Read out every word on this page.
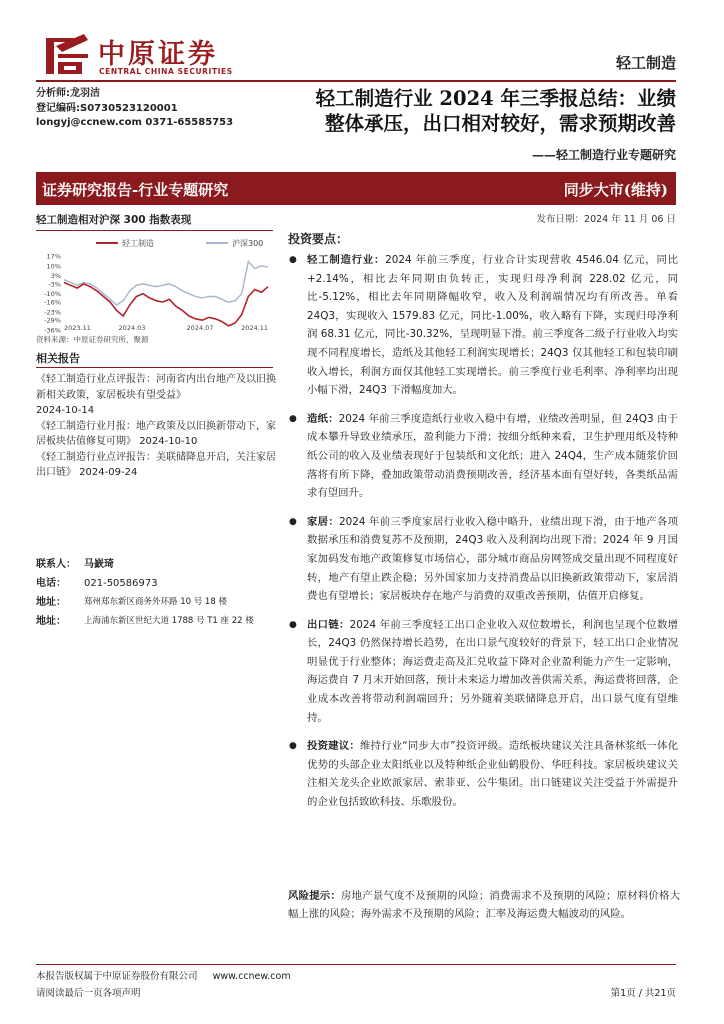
中原证券
CENTRAL CHINA SECURITIES	轻工制造
分析师:龙羽洁
登记编码:S0730523120001
longyj@ccnew.com 0371-65585753
轻工制造行业 2024 年三季报总结：业绩
整体承压，出口相对较好，需求预期改善
——轻工制造行业专题研究
证券研究报告-行业专题研究	同步大市(维持)
发布日期：2024 年 11 月 06 日
轻工制造相对沪深 300 指数表现
轻工制造	沪深300
17%
10%
3%
-3%
-10%
-16%
-23%
-29%
-36% 2023.11	2024.03	2024.07	2024.11
资料来源：中原证券研究所，聚源
相关报告
《轻工制造行业点评报告：河南省内出台地产及以旧换新相关政策，家居板块有望受益》
2024-10-14
《轻工制造行业月报：地产政策及以旧换新带动下，家居板块估值修复可期》 2024-10-10
《轻工制造行业点评报告：美联储降息开启，关注家居出口链》 2024-09-24
联系人： 马嶔琦
电话：	021-50586973
地址：	郑州郑东新区商务外环路 10 号 18 楼
地址：	上海浦东新区世纪大道 1788 号 T1 座 22 楼
投资要点：
● 轻工制造行业：2024 年前三季度，行业合计实现营收 4546.04 亿元，同比+2.14%，相比去年同期由负转正，实现归母净利润 228.02 亿元，同比-5.12%，相比去年同期降幅收窄，收入及利润端情况均有所改善。单看 24Q3，实现收入 1579.83 亿元，同比-1.00%，收入略有下降，实现归母净利润 68.31 亿元，同比-30.32%，呈现明显下滑。前三季度各二级子行业收入均实现不同程度增长，造纸及其他轻工利润实现增长；24Q3 仅其他轻工和包装印刷收入增长，利润方面仅其他轻工实现增长。前三季度行业毛利率、净利率均出现小幅下滑，24Q3 下滑幅度加大。
● 造纸：2024 年前三季度造纸行业收入稳中有增，业绩改善明显，但 24Q3 由于成本攀升导致业绩承压，盈利能力下滑；按细分纸种来看，卫生护理用纸及特种纸公司的收入及业绩表现好于包装纸和文化纸；进入 24Q4，生产成本随浆价回落将有所下降，叠加政策带动消费预期改善，经济基本面有望好转，各类纸品需求有望回升。
● 家居：2024 年前三季度家居行业收入稳中略升，业绩出现下滑，由于地产各项数据承压和消费复苏不及预期，24Q3 收入及利润均出现下滑；2024 年 9 月国家加码发布地产政策修复市场信心，部分城市商品房网签成交量出现不同程度好转，地产有望止跌企稳；另外国家加力支持消费品以旧换新政策带动下，家居消费也有望增长；家居板块存在地产与消费的双重改善预期，估值开启修复。
● 出口链：2024 年前三季度轻工出口企业收入双位数增长，利润也呈现个位数增长，24Q3 仍然保持增长趋势，在出口景气度较好的背景下，轻工出口企业情况明显优于行业整体；海运费走高及汇兑收益下降对企业盈利能力产生一定影响，海运费自 7 月末开始回落，预计未来运力增加改善供需关系，海运费将回落，企业成本改善将带动利润端回升；另外随着美联储降息开启，出口景气度有望维持。
● 投资建议：维持行业“同步大市”投资评级。造纸板块建议关注具备林浆纸一体化优势的头部企业太阳纸业以及特种纸企业仙鹤股份、华旺科技。家居板块建议关注相关龙头企业欧派家居、索菲亚、公牛集团。出口链建议关注受益于外需提升的企业包括致欧科技、乐歌股份。
风险提示：房地产景气度不及预期的风险；消费需求不及预期的风险；原材料价格大幅上涨的风险；海外需求不及预期的风险；汇率及海运费大幅波动的风险。
本报告版权属于中原证券股份有限公司 www.ccnew.com
请阅读最后一页各项声明	第1页 / 共21页
